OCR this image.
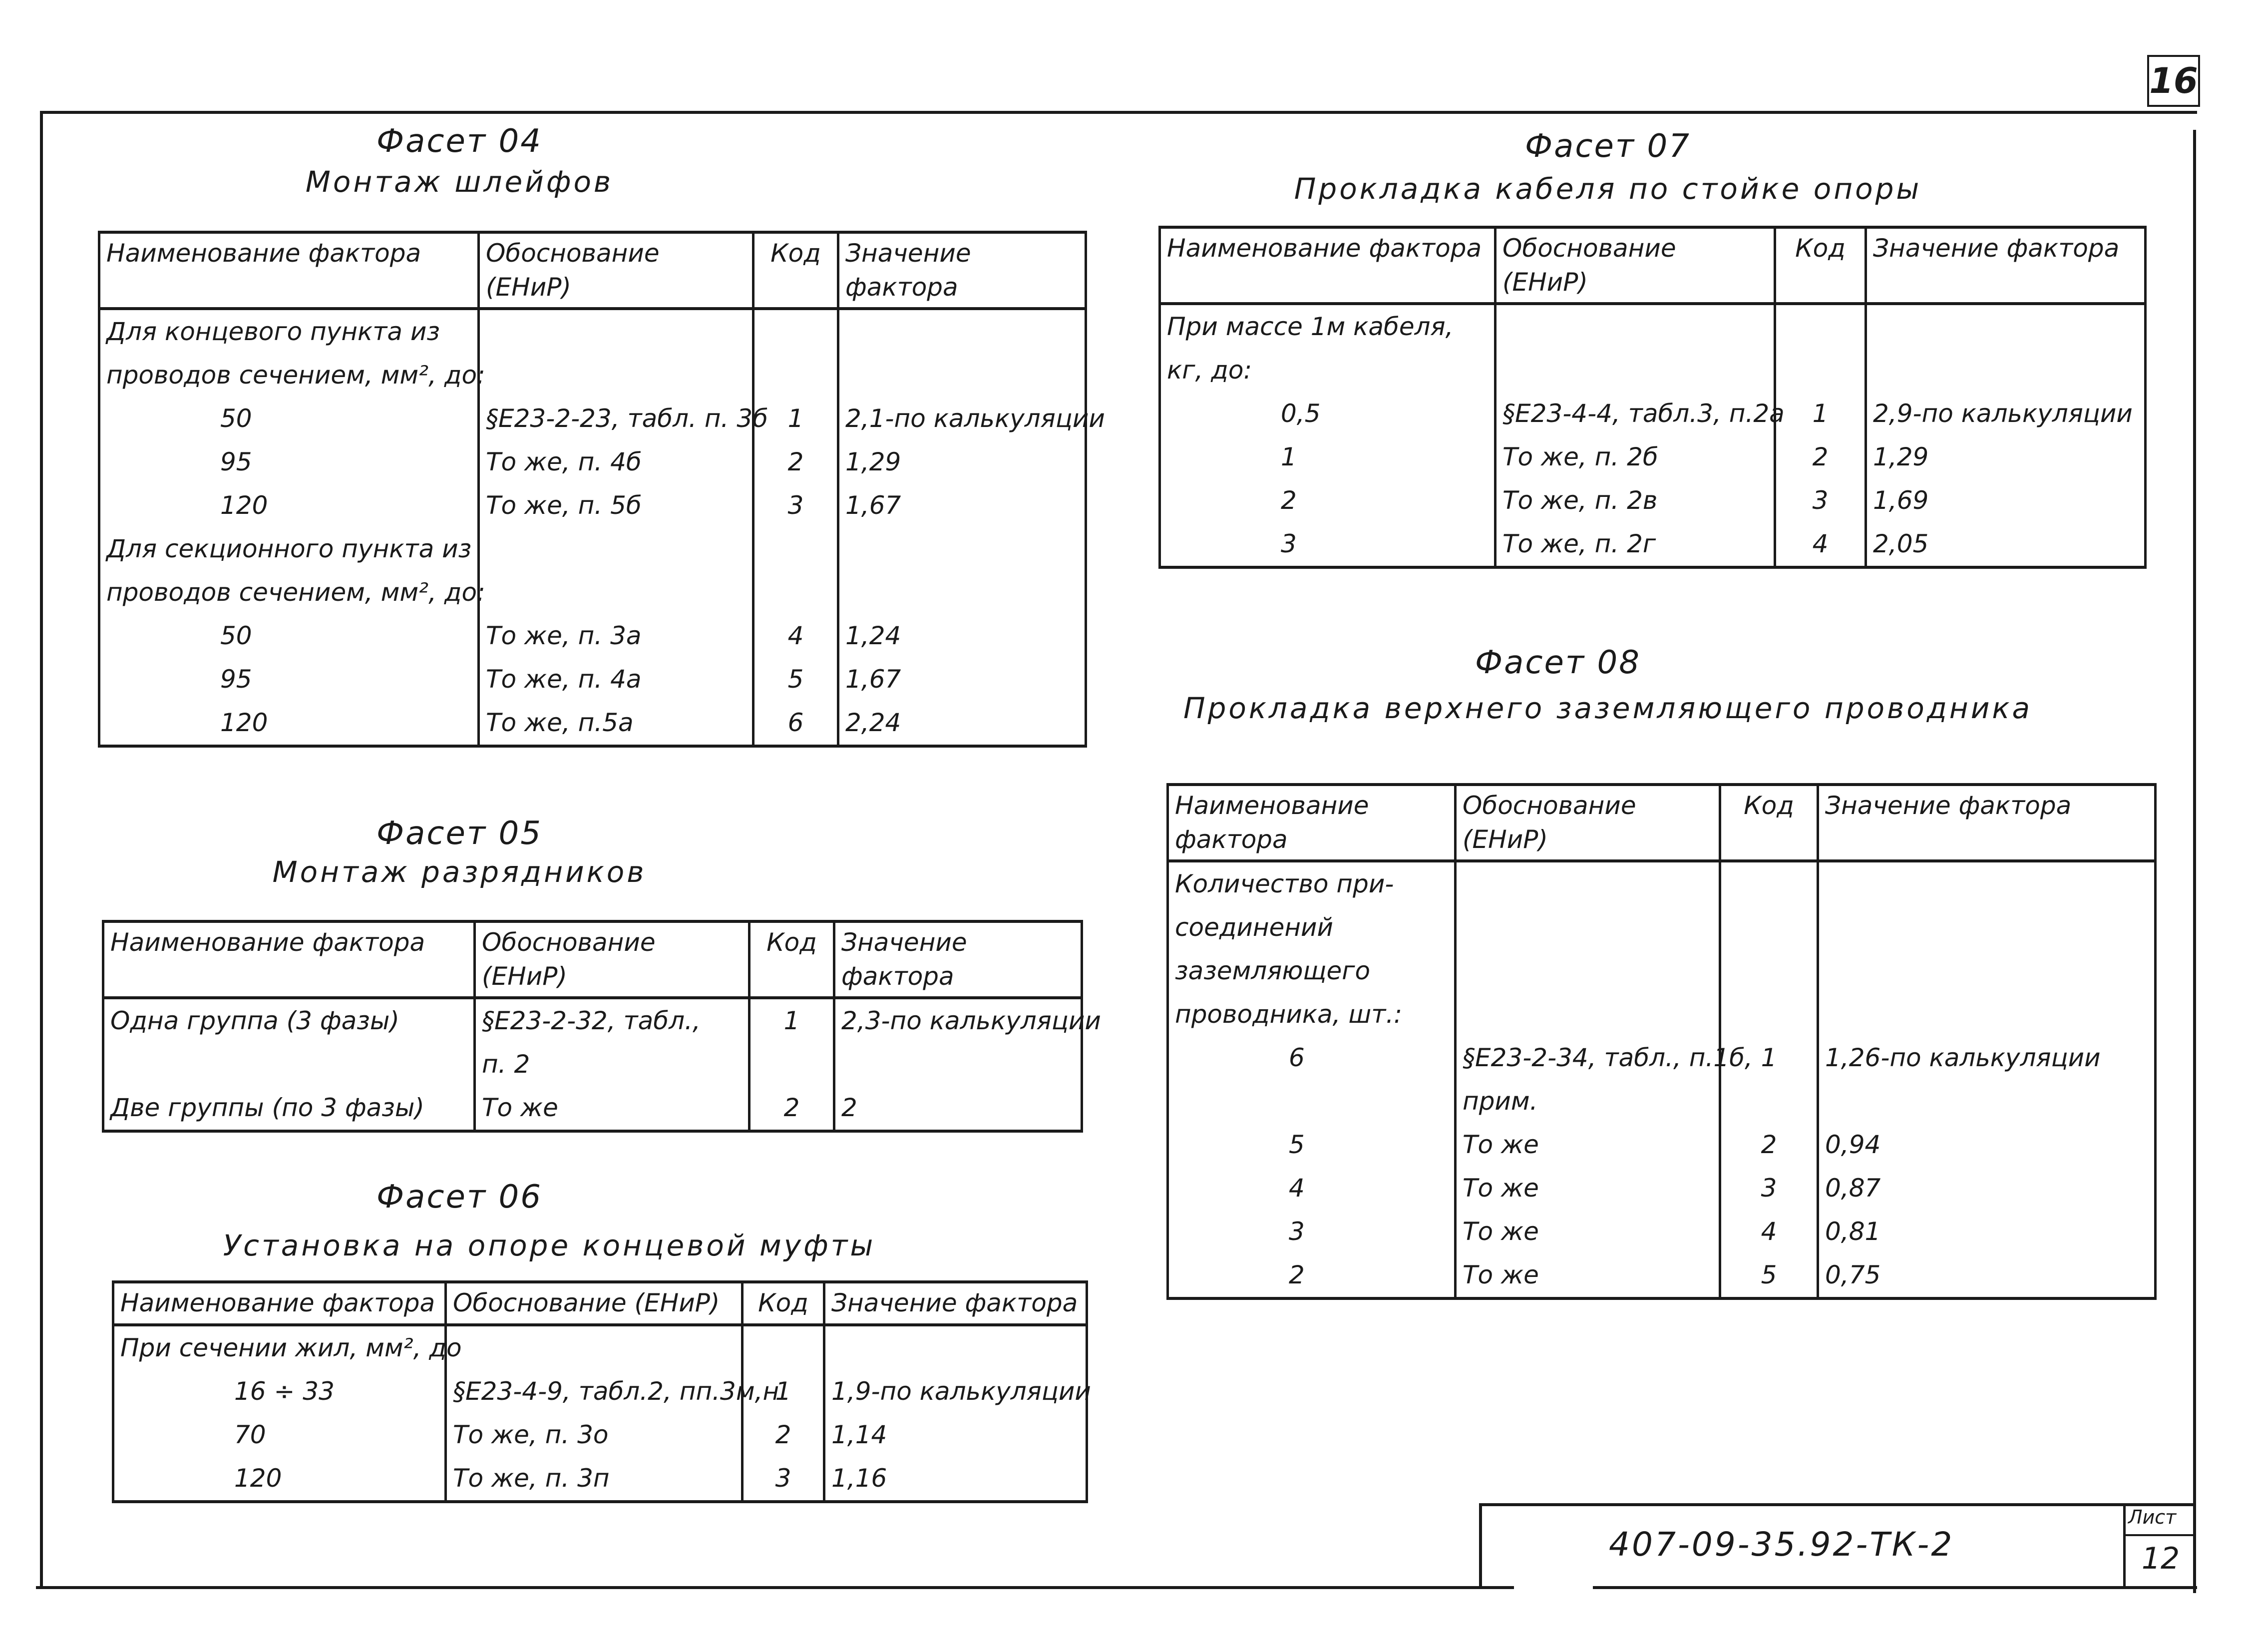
16
Фасет 04
Монтаж шлейфов
Наименование фактора	Обоснование (ЕНиР)	Код	Значение фактора
Для концевого пункта из			
проводов сечением, мм², до:			
50	§Е23-2-23, табл. п. 3б	1	2,1-по калькуляции
95	То же, п. 4б	2	1,29
120	То же, п. 5б	3	1,67
Для секционного пункта из			
проводов сечением, мм², до:			
50	То же, п. 3а	4	1,24
95	То же, п. 4а	5	1,67
120	То же, п.5а	6	2,24
Фасет 05
Монтаж разрядников
Наименование фактора	Обоснование (ЕНиР)	Код	Значение фактора
Одна группа (3 фазы)	§Е23-2-32, табл.,	1	2,3-по калькуляции
	п. 2		
Две группы (по 3 фазы)	То же	2	2
Фасет 06
Установка на опоре концевой муфты
Наименование фактора	Обоснование (ЕНиР)	Код	Значение фактора
При сечении жил, мм², до			
16 ÷ 33	§Е23-4-9, табл.2, пп.3м,н	1	1,9-по калькуляции
70	То же, п. 3о	2	1,14
120	То же, п. 3п	3	1,16
Фасет 07
Прокладка кабеля по стойке опоры
Наименование фактора	Обоснование (ЕНиР)	Код	Значение фактора
При массе 1м кабеля,			
кг, до:			
0,5	§Е23-4-4, табл.3, п.2а	1	2,9-по калькуляции
1	То же, п. 2б	2	1,29
2	То же, п. 2в	3	1,69
3	То же, п. 2г	4	2,05
Фасет 08
Прокладка верхнего заземляющего проводника
Наименование фактора	Обоснование (ЕНиР)	Код	Значение фактора
Количество при-			
соединений			
заземляющего			
проводника, шт.:			
6	§Е23-2-34, табл., п.1б,	1	1,26-по калькуляции
	прим.		
5	То же	2	0,94
4	То же	3	0,87
3	То же	4	0,81
2	То же	5	0,75
407-09-35.92-ТК-2
Лист
12
